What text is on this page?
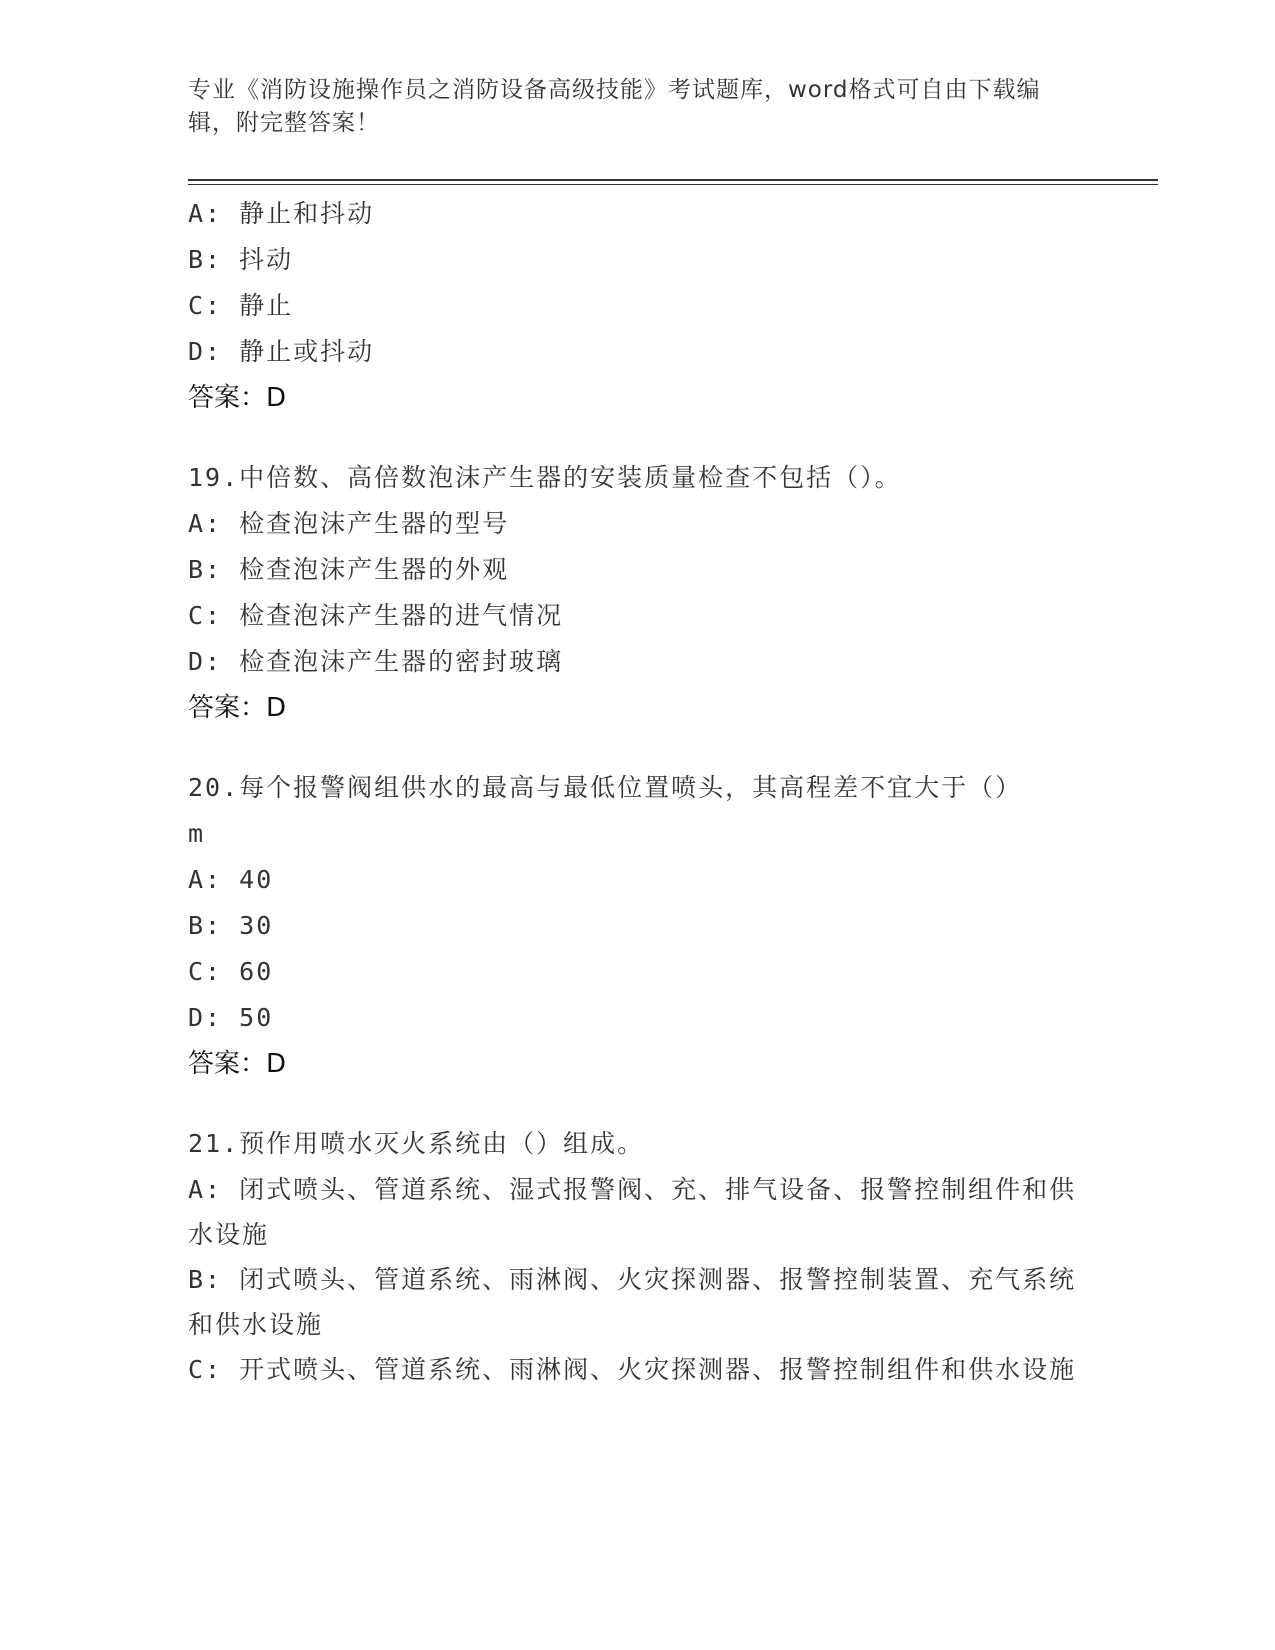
专业《消防设施操作员之消防设备高级技能》考试题库，word格式可自由下载编辑，附完整答案！
A: 静止和抖动
B: 抖动
C: 静止
D: 静止或抖动
答案：D
19.中倍数、高倍数泡沫产生器的安装质量检查不包括（）。
A: 检查泡沫产生器的型号
B: 检查泡沫产生器的外观
C: 检查泡沫产生器的进气情况
D: 检查泡沫产生器的密封玻璃
答案：D
20.每个报警阀组供水的最高与最低位置喷头，其高程差不宜大于（）
m
A: 40
B: 30
C: 60
D: 50
答案：D
21.预作用喷水灭火系统由（）组成。
A: 闭式喷头、管道系统、湿式报警阀、充、排气设备、报警控制组件和供水设施
B: 闭式喷头、管道系统、雨淋阀、火灾探测器、报警控制装置、充气系统和供水设施
C: 开式喷头、管道系统、雨淋阀、火灾探测器、报警控制组件和供水设施
